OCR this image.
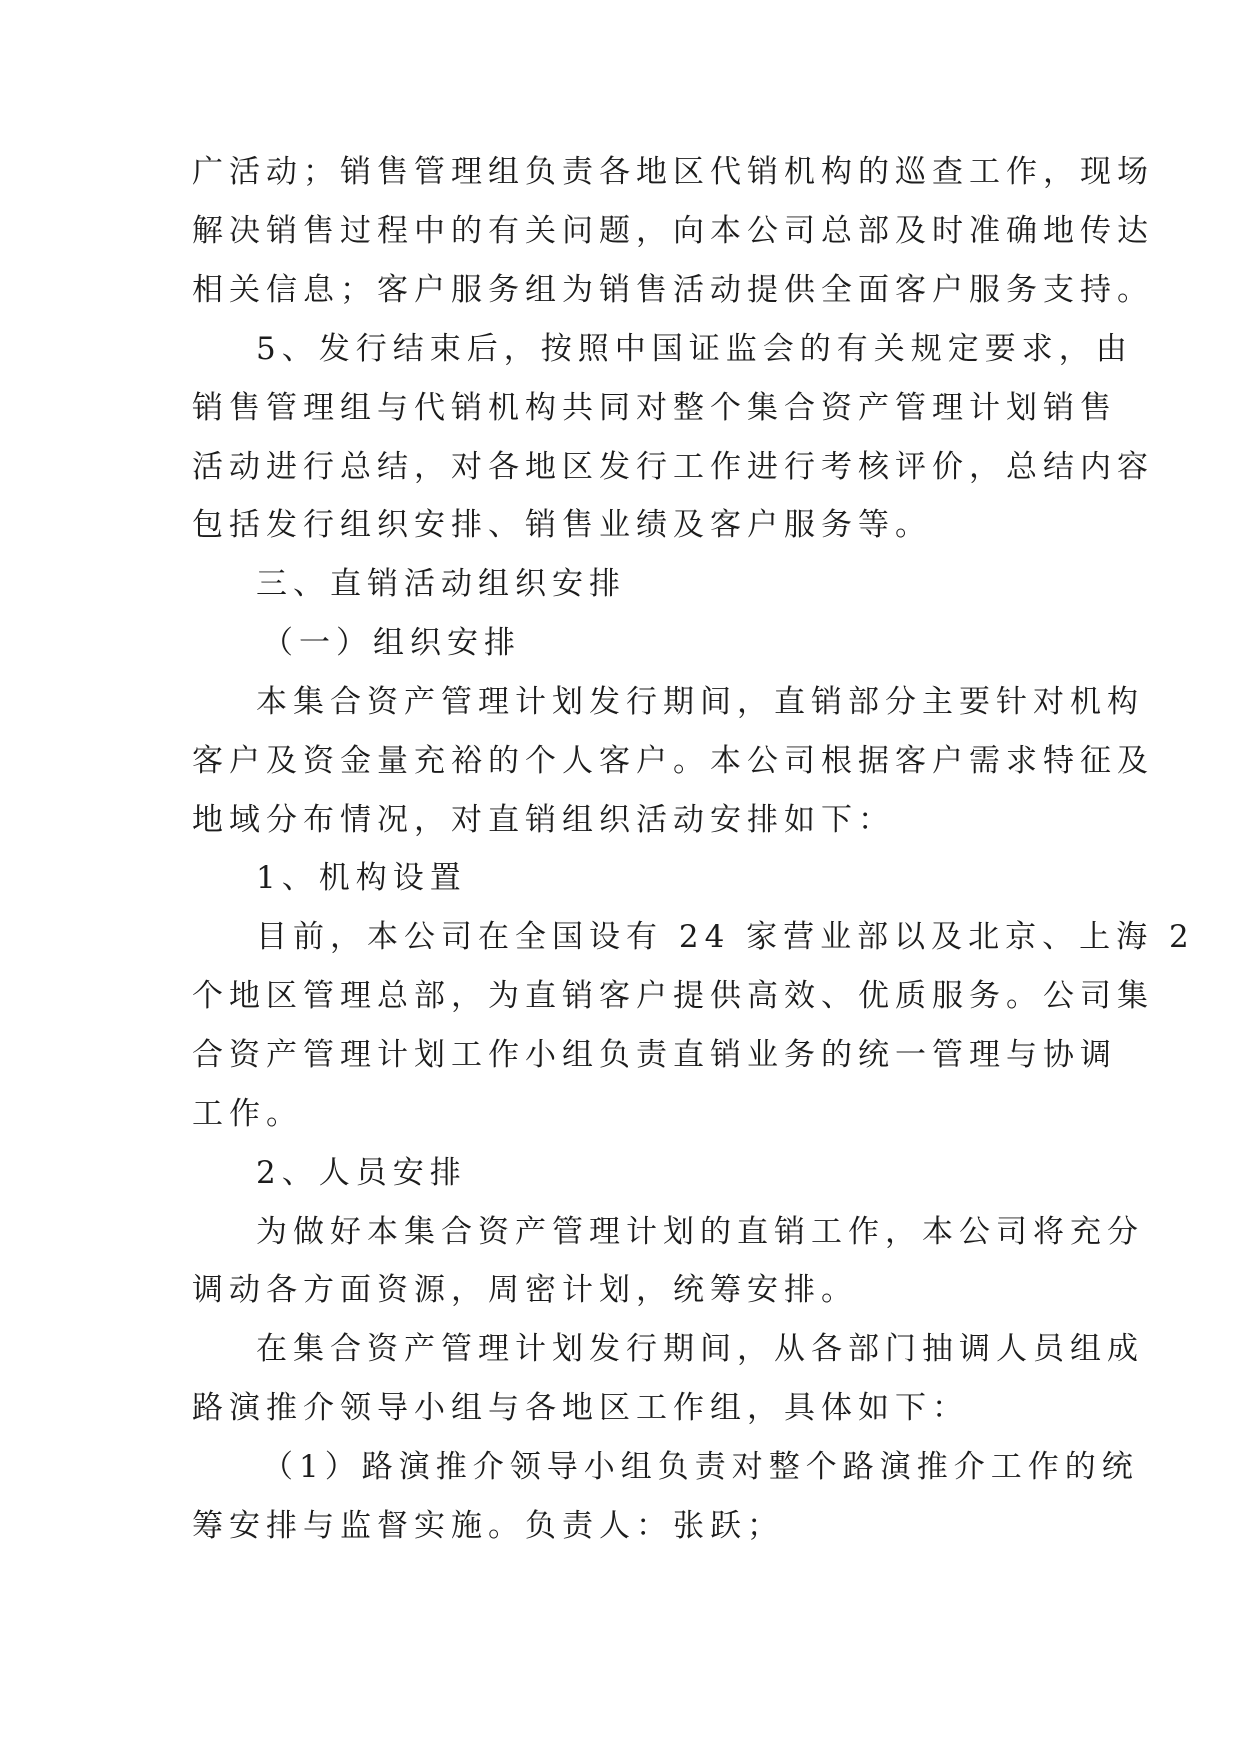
广活动；销售管理组负责各地区代销机构的巡查工作，现场
解决销售过程中的有关问题，向本公司总部及时准确地传达
相关信息；客户服务组为销售活动提供全面客户服务支持。
5、发行结束后，按照中国证监会的有关规定要求，由
销售管理组与代销机构共同对整个集合资产管理计划销售
活动进行总结，对各地区发行工作进行考核评价，总结内容
包括发行组织安排、销售业绩及客户服务等。
三、直销活动组织安排
（一）组织安排
本集合资产管理计划发行期间，直销部分主要针对机构
客户及资金量充裕的个人客户。本公司根据客户需求特征及
地域分布情况，对直销组织活动安排如下：
1、机构设置
目前，本公司在全国设有 24 家营业部以及北京、上海 2
个地区管理总部，为直销客户提供高效、优质服务。公司集
合资产管理计划工作小组负责直销业务的统一管理与协调
工作。
2、人员安排
为做好本集合资产管理计划的直销工作，本公司将充分
调动各方面资源，周密计划，统筹安排。
在集合资产管理计划发行期间，从各部门抽调人员组成
路演推介领导小组与各地区工作组，具体如下：
（1）路演推介领导小组负责对整个路演推介工作的统
筹安排与监督实施。负责人：张跃；
